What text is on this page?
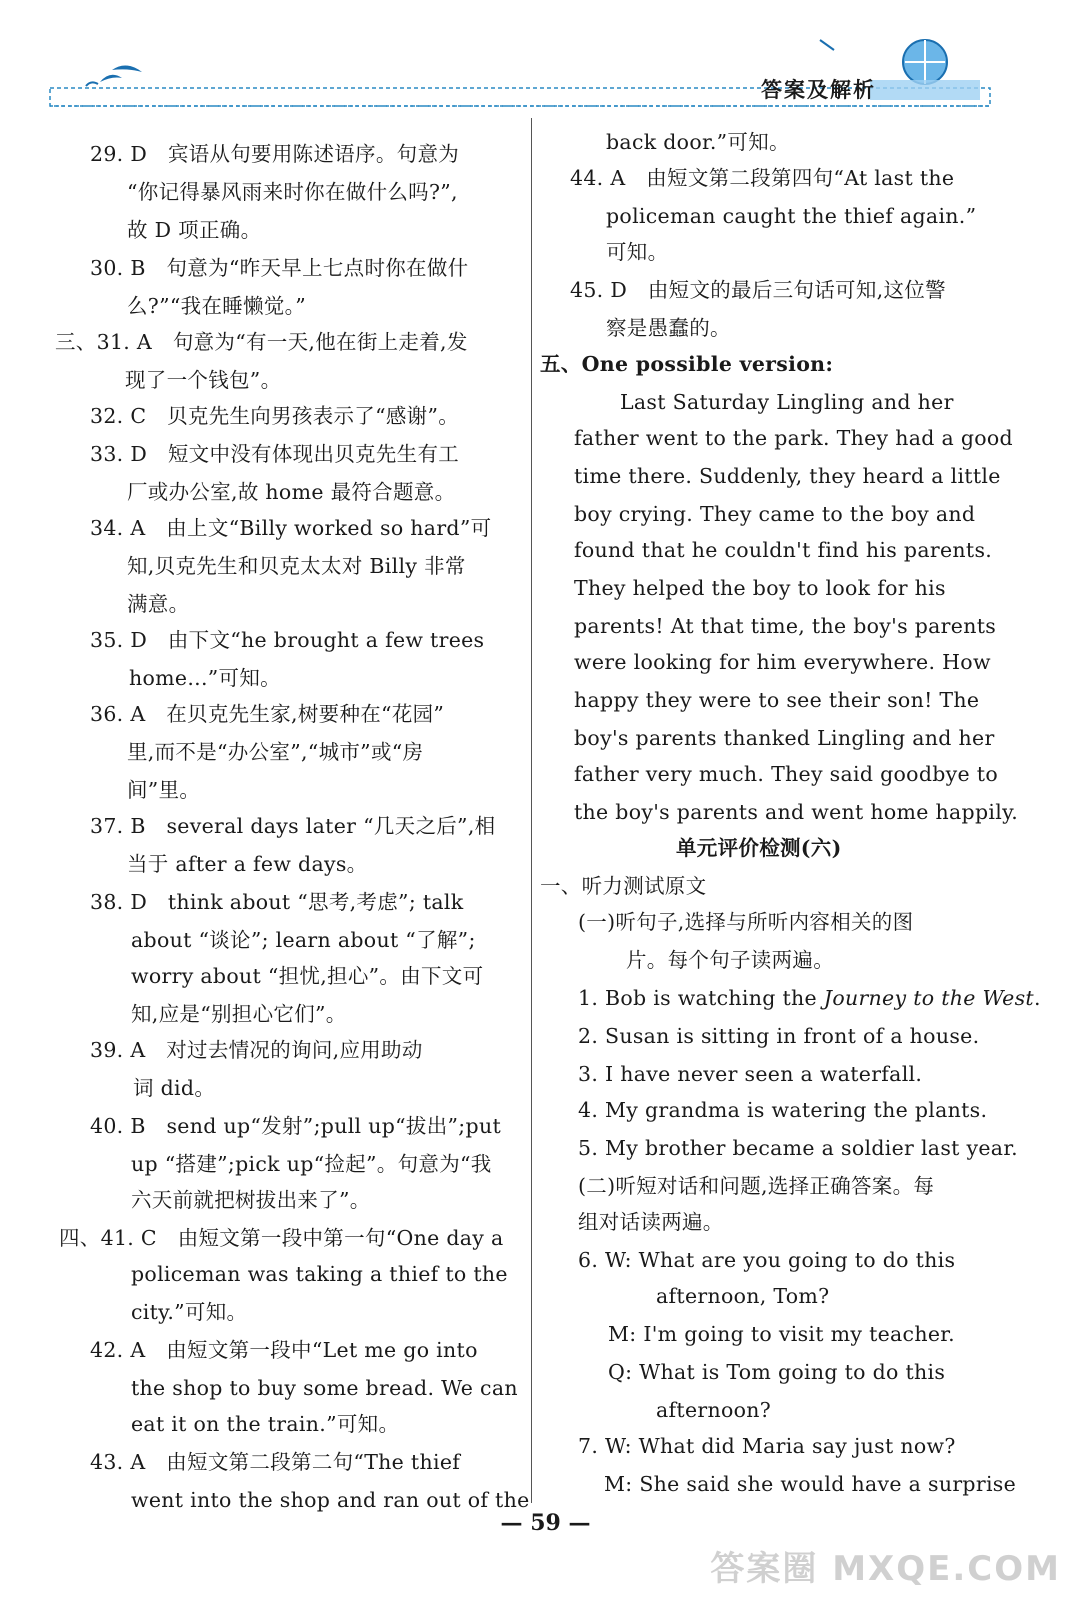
答案及解析
29. D　宾语从句要用陈述语序。句意为
“你记得暴风雨来时你在做什么吗?”,
故 D 项正确。
30. B　句意为“昨天早上七点时你在做什
么?”“我在睡懒觉。”
三、31. A　句意为“有一天,他在街上走着,发
现了一个钱包”。
32. C　贝克先生向男孩表示了“感谢”。
33. D　短文中没有体现出贝克先生有工
厂或办公室,故 home 最符合题意。
34. A　由上文“Billy worked so hard”可
知,贝克先生和贝克太太对 Billy 非常
满意。
35. D　由下文“he brought a few trees
home...”可知。
36. A　在贝克先生家,树要种在“花园”
里,而不是“办公室”,“城市”或“房
间”里。
37. B　several days later “几天之后”,相
当于 after a few days。
38. D　think about “思考,考虑”; talk
about “谈论”; learn about “了解”;
worry about “担忧,担心”。由下文可
知,应是“别担心它们”。
39. A　对过去情况的询问,应用助动
词 did。
40. B　send up“发射”;pull up“拔出”;put
up “搭建”;pick up“捡起”。句意为“我
六天前就把树拔出来了”。
四、41. C　由短文第一段中第一句“One day a
policeman was taking a thief to the
city.”可知。
42. A　由短文第一段中“Let me go into
the shop to buy some bread. We can
eat it on the train.”可知。
43. A　由短文第二段第二句“The thief
went into the shop and ran out of the
back door.”可知。
44. A　由短文第二段第四句“At last the
policeman caught the thief again.”
可知。
45. D　由短文的最后三句话可知,这位警
察是愚蠢的。
五、One possible version:
Last Saturday Lingling and her
father went to the park. They had a good
time there. Suddenly, they heard a little
boy crying. They came to the boy and
found that he couldn't find his parents.
They helped the boy to look for his
parents! At that time, the boy's parents
were looking for him everywhere. How
happy they were to see their son! The
boy's parents thanked Lingling and her
father very much. They said goodbye to
the boy's parents and went home happily.
单元评价检测(六)
一、听力测试原文
(一)听句子,选择与所听内容相关的图
片。每个句子读两遍。
1. Bob is watching the Journey to the West.
2. Susan is sitting in front of a house.
3. I have never seen a waterfall.
4. My grandma is watering the plants.
5. My brother became a soldier last year.
(二)听短对话和问题,选择正确答案。每
组对话读两遍。
6. W: What are you going to do this
afternoon, Tom?
M: I'm going to visit my teacher.
Q: What is Tom going to do this
afternoon?
7. W: What did Maria say just now?
M: She said she would have a surprise
— 59 —
答案圈 MXQE.COM
